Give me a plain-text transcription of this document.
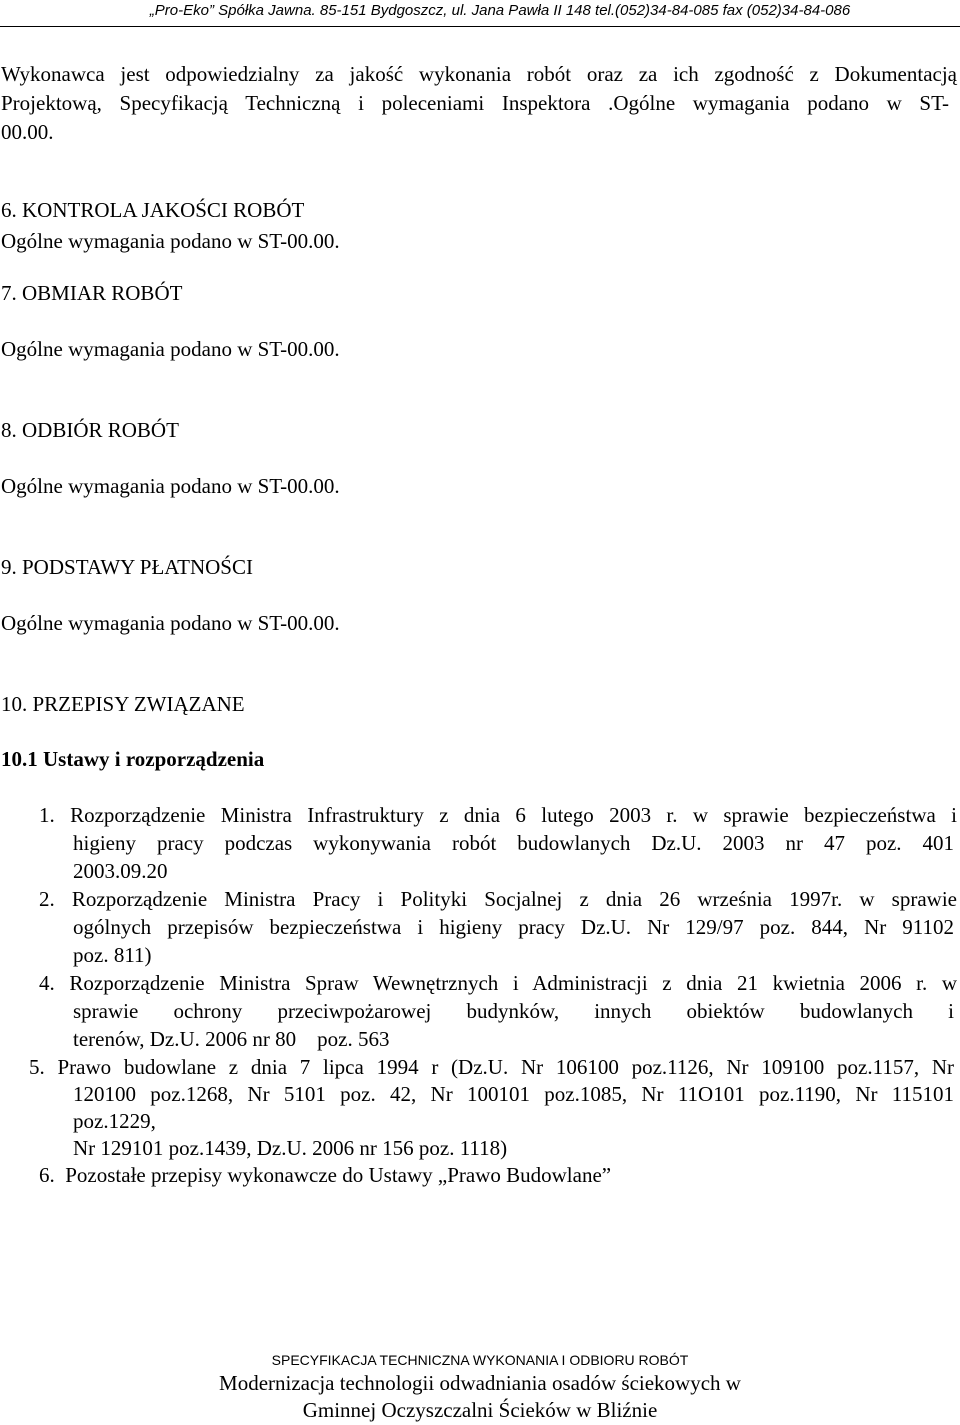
„Pro-Eko” Spółka Jawna. 85-151 Bydgoszcz, ul. Jana Pawła II 148 tel.(052)34-84-085 fax (052)34-84-086
Wykonawca jest odpowiedzialny za jakość wykonania robót oraz za ich zgodność z Dokumentacją
Projektową, Specyfikacją Techniczną i poleceniami Inspektora .Ogólne wymagania podano w ST-
00.00.
6. KONTROLA JAKOŚCI ROBÓT
Ogólne wymagania podano w ST-00.00.
7. OBMIAR ROBÓT
Ogólne wymagania podano w ST-00.00.
8. ODBIÓR ROBÓT
Ogólne wymagania podano w ST-00.00.
9. PODSTAWY PŁATNOŚCI
Ogólne wymagania podano w ST-00.00.
10. PRZEPISY ZWIĄZANE
10.1 Ustawy i rozporządzenia
1. Rozporządzenie Ministra Infrastruktury z dnia 6 lutego 2003 r. w sprawie bezpieczeństwa i
higieny pracy podczas wykonywania robót budowlanych Dz.U. 2003 nr 47 poz. 401
2003.09.20
2. Rozporządzenie Ministra Pracy i Polityki Socjalnej z dnia 26 września 1997r. w sprawie
ogólnych przepisów bezpieczeństwa i higieny pracy Dz.U. Nr 129/97 poz. 844, Nr 91102
poz. 811)
4. Rozporządzenie Ministra Spraw Wewnętrznych i Administracji z dnia 21 kwietnia 2006 r. w
sprawie ochrony przeciwpożarowej budynków, innych obiektów budowlanych i
terenów, Dz.U. 2006 nr 80    poz. 563
5. Prawo budowlane z dnia 7 lipca 1994 r (Dz.U. Nr 106100 poz.1126, Nr 109100 poz.1157, Nr
120100 poz.1268, Nr 5101 poz. 42, Nr 100101 poz.1085, Nr 11O101 poz.1190, Nr 115101
poz.1229,
Nr 129101 poz.1439, Dz.U. 2006 nr 156 poz. 1118)
6.  Pozostałe przepisy wykonawcze do Ustawy „Prawo Budowlane”
SPECYFIKACJA TECHNICZNA WYKONANIA I ODBIORU ROBÓT
Modernizacja technologii odwadniania osadów ściekowych w
Gminnej Oczyszczalni Ścieków w Bliźnie
